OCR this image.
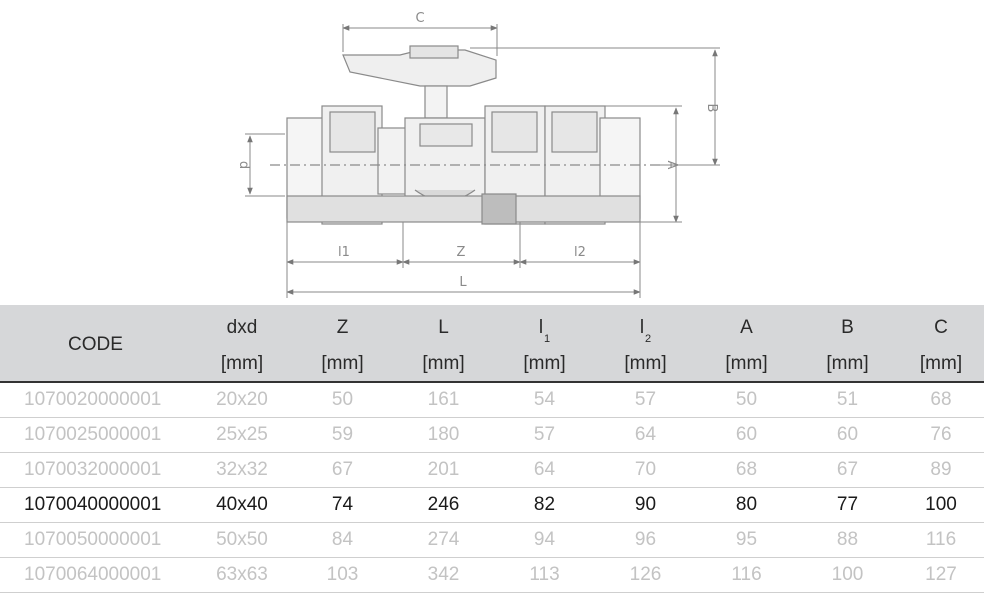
C
B
A
d
l1	Z	l2
L
CODE	dxd	Z	L	$l_1$	$l_2$	A	B	C
	[mm]	[mm]	[mm]	[mm]	[mm]	[mm]	[mm]	[mm]
1070020000001	20x20	50	161	54	57	50	51	68
1070025000001	25x25	59	180	57	64	60	60	76
1070032000001	32x32	67	201	64	70	68	67	89
1070040000001	40x40	74	246	82	90	80	77	100
1070050000001	50x50	84	274	94	96	95	88	116
1070064000001	63x63	103	342	113	126	116	100	127
